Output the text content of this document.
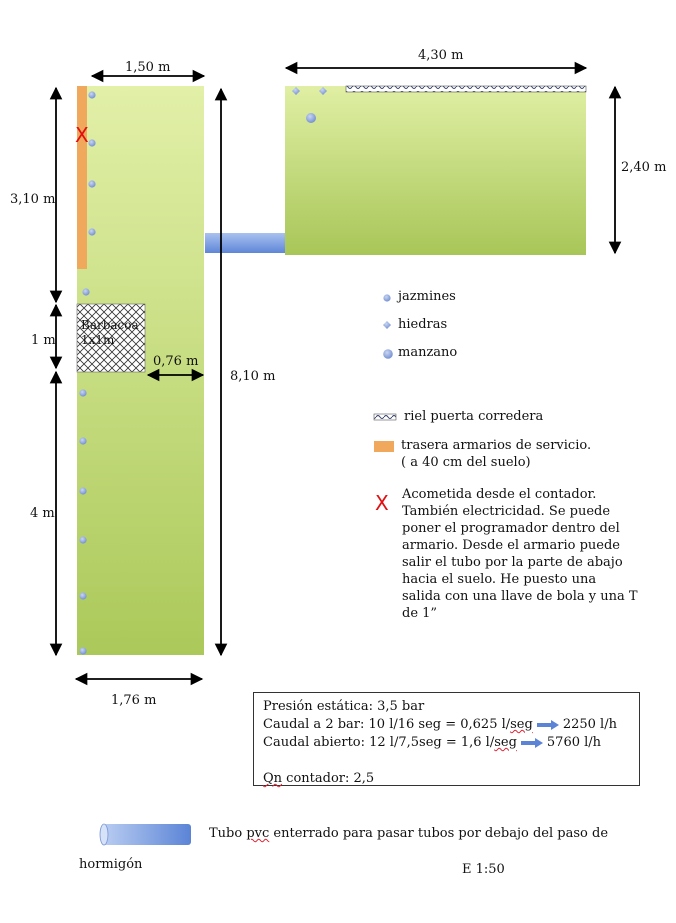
1,50 m
4,30 m
2,40 m
3,10 m
1 m
4 m
8,10 m
0,76 m
1,76 m
Barbacoa
1x1m
X
jazmines
hiedras
manzano
riel puerta corredera
trasera armarios de servicio.
( a 40 cm del suelo)
X Acometida desde el contador.
También electricidad. Se puede
poner el programador dentro del
armario. Desde el armario puede
salir el tubo por la parte de abajo
hacia el suelo. He puesto una
salida con una llave de bola y una T
de 1”
Presión estática: 3,5 bar
Caudal a 2 bar: 10 l/16 seg = 0,625 l/seg 2250 l/h
Caudal abierto: 12 l/7,5seg = 1,6 l/seg 5760 l/h

Qn contador: 2,5
Tubo pvc enterrado para pasar tubos por debajo del paso de
hormigón	E 1:50
